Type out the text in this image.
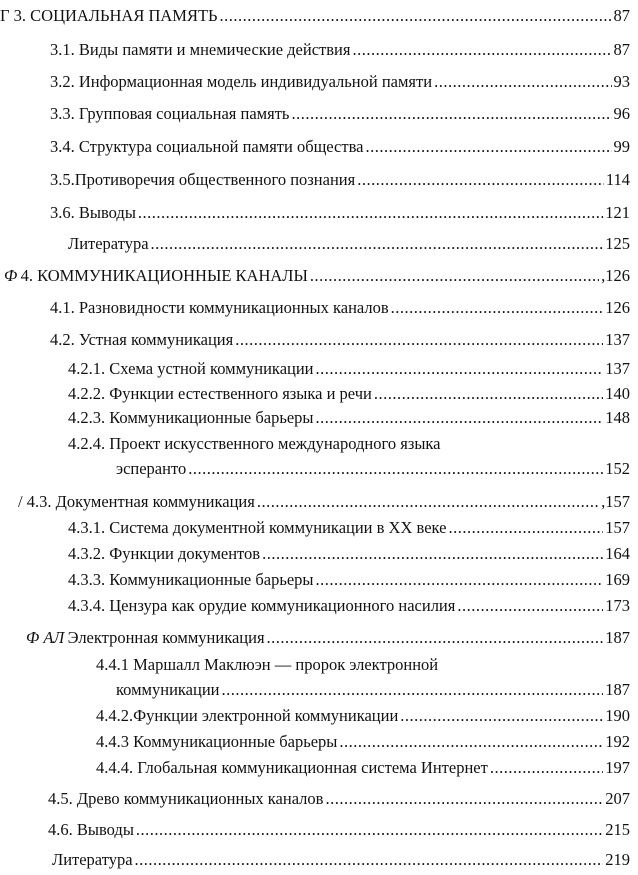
Г 3. СОЦИАЛЬНАЯ ПАМЯТЬ .....	87
3.1. Виды памяти и мнемические действия .....	87
3.2. Информационная модель индивидуальной памяти .....	93
3.3. Групповая социальная память .....	96
3.4. Структура социальной памяти общества .....	99
3.5.Противоречия общественного познания .....	114
3.6. Выводы .....	121
Литература .....	125
Ф  4. КОММУНИКАЦИОННЫЕ КАНАЛЫ .....	,126
4.1. Разновидности коммуникационных каналов .....	126
4.2. Устная коммуникация .....	137
4.2.1. Схема устной коммуникации .....	137
4.2.2. Функции естественного языка и речи .....	140
4.2.3. Коммуникационные барьеры .....	148
4.2.4. Проект искусственного международного языка
эсперанто .....	152
/ 4.3. Документная коммуникация .....	,157
4.3.1. Система документной коммуникации в XX веке .....	157
4.3.2. Функции документов .....	164
4.3.3. Коммуникационные барьеры .....	169
4.3.4. Цензура как орудие коммуникационного насилия .....	173
Ф АЛ  Электронная коммуникация .....	187
4.4.1 Маршалл Маклюэн — пророк электронной
коммуникации .....	187
4.4.2.Функции электронной коммуникации .....	190
4.4.3 Коммуникационные барьеры .....	192
4.4.4. Глобальная коммуникационная система Интернет .....	197
4.5. Древо коммуникационных каналов .....	207
4.6. Выводы .....	215
Литература .....	219
